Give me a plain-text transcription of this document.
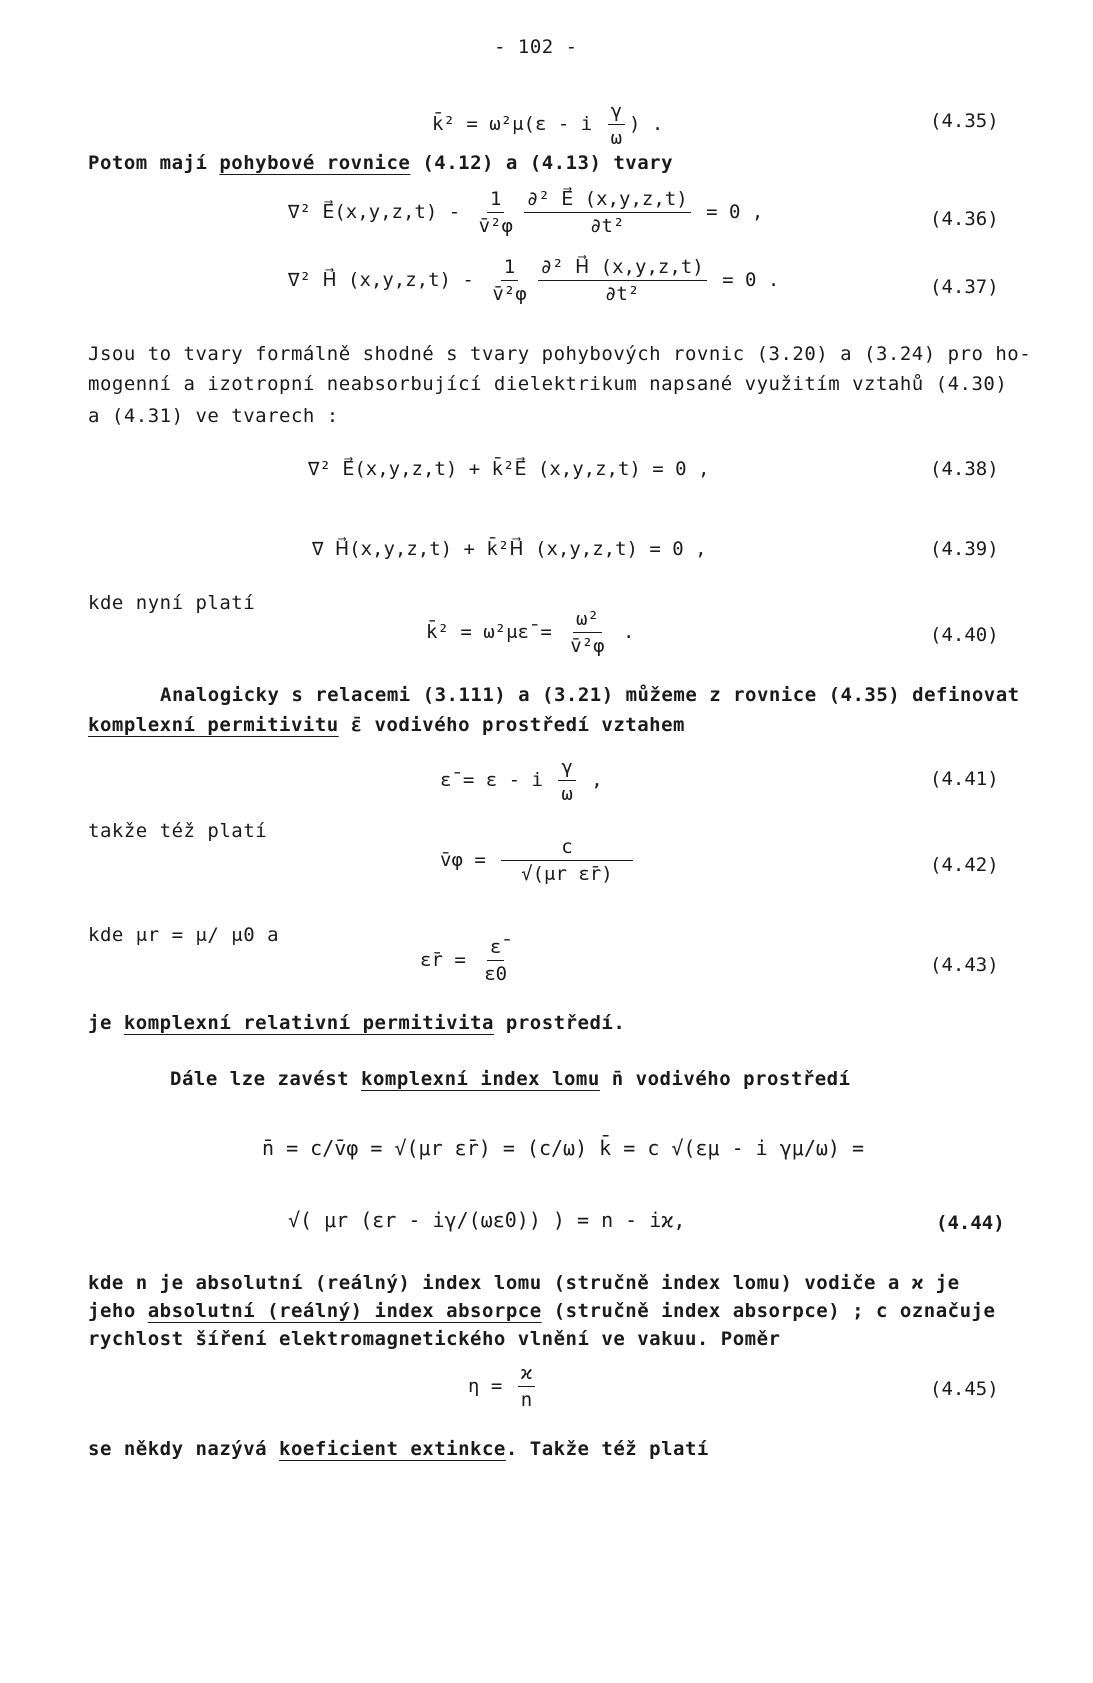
- 102 -
k̄² = ω²μ(ε - i $\frac{\gamma}{\omega}$ ) .	(4.35)
Potom mají pohybové rovnice (4.12) a (4.13) tvary
∇² E⃗(x,y,z,t) - $\frac{1}{\text{v̄²φ}} \frac{\text{∂² E⃗ (x,y,z,t)}}{\text{∂t²}} = 0$ ,	(4.36)
∇² H⃗ $(x,y,z,t) - \frac{1}{\text{v̄²φ}} \frac{\text{∂² H⃗ (x,y,z,t)}}{\text{∂t²}} = 0$ .	(4.37)
Jsou to tvary formálně shodné s tvary pohybových rovnic (3.20) a (3.24) pro ho-
mogenní a izotropní neabsorbující dielektrikum napsané využitím vztahů (4.30)
a (4.31) ve tvarech :
∇² E⃗(x,y,z,t) + k̄²E⃗ (x,y,z,t) = 0 ,	(4.38)
∇ H⃗(x,y,z,t) + k̄²H⃗ (x,y,z,t) = 0 ,	(4.39)
kde nyní platí
k̄² = ω²με̄ = $\frac{\text{ω²}}{\text{v̄²φ}}$ .	(4.40)
Analogicky s relacemi (3.111) a (3.21) můžeme z rovnice (4.35) definovat
komplexní permitivitu ε̄ vodivého prostředí vztahem
ε̄ = ε - i $\frac{\gamma}{\omega}$ ,	(4.41)
takže též platí
v̄φ = $\frac{c}{\text{√(μr ε̄r)}}$	(4.42)
kde μr = μ/ μ0 a
ε̄r = $\frac{\varepsilon̄}{\varepsilon 0}$	(4.43)
je komplexní relativní permitivita prostředí.
Dále lze zavést komplexní index lomu n̄ vodivého prostředí
n̄ = c/v̄φ = √(μr ε̄r) = (c/ω) k̄ = c √(εμ - i γμ/ω) =
√( μr (εr - iγ/(ωε0)) ) = n - iϰ,	(4.44)
kde n je absolutní (reálný) index lomu (stručně index lomu) vodiče a ϰ je
jeho absolutní (reálný) index absorpce (stručně index absorpce) ; c označuje
rychlost šíření elektromagnetického vlnění ve vakuu. Poměr
$\eta = \frac{ϰ}{n}$	(4.45)
se někdy nazývá koeficient extinkce. Takže též platí
